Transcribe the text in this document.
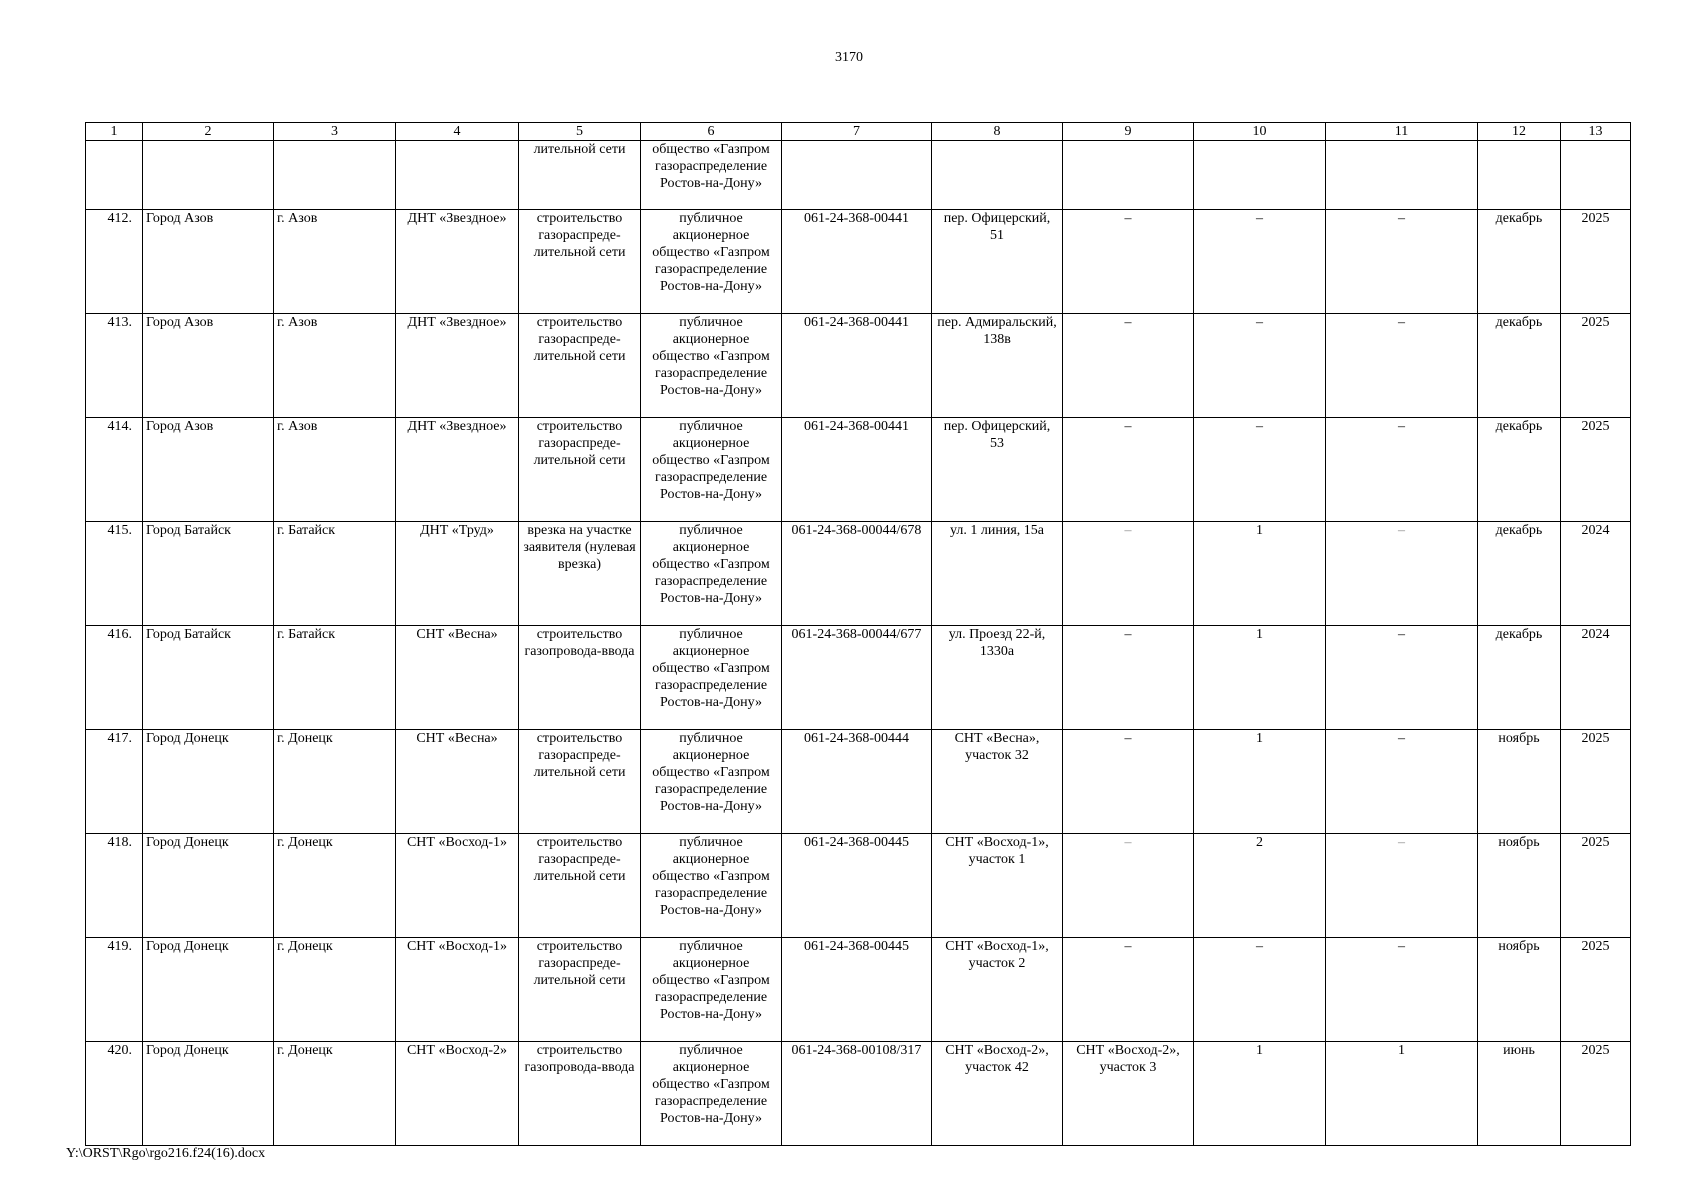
3170
1	2	3	4	5	6	7	8	9	10	11	12	13
				лительной сети	общество «Газпром газораспределение Ростов-на-Дону»							
412.	Город Азов	г. Азов	ДНТ «Звездное»	строительство газораспреде-лительной сети	публичное акционерное общество «Газпром газораспределение Ростов-на-Дону»	061-24-368-00441	пер. Офицерский, 51	–	–	–	декабрь	2025
413.	Город Азов	г. Азов	ДНТ «Звездное»	строительство газораспреде-лительной сети	публичное акционерное общество «Газпром газораспределение Ростов-на-Дону»	061-24-368-00441	пер. Адмиральский, 138в	–	–	–	декабрь	2025
414.	Город Азов	г. Азов	ДНТ «Звездное»	строительство газораспреде-лительной сети	публичное акционерное общество «Газпром газораспределение Ростов-на-Дону»	061-24-368-00441	пер. Офицерский, 53	–	–	–	декабрь	2025
415.	Город Батайск	г. Батайск	ДНТ «Труд»	врезка на участке заявителя (нулевая врезка)	публичное акционерное общество «Газпром газораспределение Ростов-на-Дону»	061-24-368-00044/678	ул. 1 линия, 15а	–	1	–	декабрь	2024
416.	Город Батайск	г. Батайск	СНТ «Весна»	строительство газопровода-ввода	публичное акционерное общество «Газпром газораспределение Ростов-на-Дону»	061-24-368-00044/677	ул. Проезд 22-й, 1330а	–	1	–	декабрь	2024
417.	Город Донецк	г. Донецк	СНТ «Весна»	строительство газораспреде-лительной сети	публичное акционерное общество «Газпром газораспределение Ростов-на-Дону»	061-24-368-00444	СНТ «Весна», участок 32	–	1	–	ноябрь	2025
418.	Город Донецк	г. Донецк	СНТ «Восход-1»	строительство газораспреде-лительной сети	публичное акционерное общество «Газпром газораспределение Ростов-на-Дону»	061-24-368-00445	СНТ «Восход-1», участок 1	–	2	–	ноябрь	2025
419.	Город Донецк	г. Донецк	СНТ «Восход-1»	строительство газораспреде-лительной сети	публичное акционерное общество «Газпром газораспределение Ростов-на-Дону»	061-24-368-00445	СНТ «Восход-1», участок 2	–	–	–	ноябрь	2025
420.	Город Донецк	г. Донецк	СНТ «Восход-2»	строительство газопровода-ввода	публичное акционерное общество «Газпром газораспределение Ростов-на-Дону»	061-24-368-00108/317	СНТ «Восход-2», участок 42	СНТ «Восход-2», участок 3	1	1	июнь	2025
Y:\ORST\Rgo\rgo216.f24(16).docx
